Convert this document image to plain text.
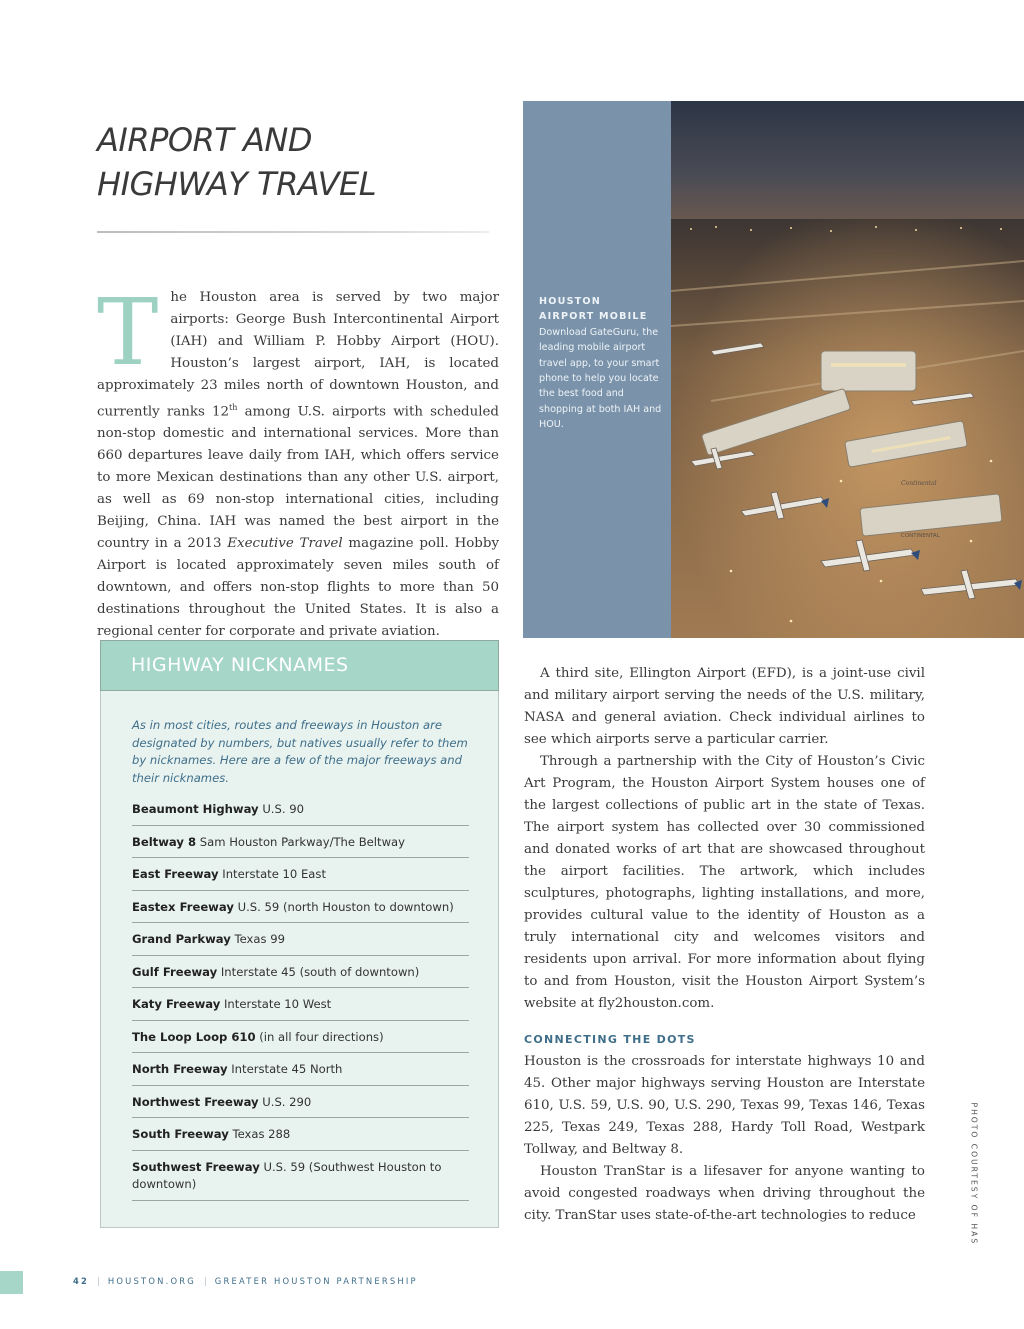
AIRPORT AND
HIGHWAY TRAVEL
The Houston area is served by two major airports: George Bush Intercontinental Airport (IAH) and William P. Hobby Airport (HOU). Houston’s largest airport, IAH, is located approximately 23 miles north of downtown Houston, and currently ranks 12th among U.S. airports with scheduled non-stop domestic and international services. More than 660 departures leave daily from IAH, which offers service to more Mexican destinations than any other U.S. airport, as well as 69 non-stop international cities, including Beijing, China. IAH was named the best airport in the country in a 2013 Executive Travel magazine poll. Hobby Airport is located approximately seven miles south of downtown, and offers non-stop flights to more than 50 destinations throughout the United States. It is also a regional center for corporate and private aviation.
Continental
CONTINENTAL
HOUSTON
AIRPORT MOBILE
Download GateGuru, the leading mobile airport travel app, to your smart phone to help you locate the best food and shopping at both IAH and HOU.
HIGHWAY NICKNAMES
As in most cities, routes and freeways in Houston are designated by numbers, but natives usually refer to them by nicknames. Here are a few of the major freeways and their nicknames.
Beaumont Highway U.S. 90
Beltway 8 Sam Houston Parkway/The Beltway
East Freeway Interstate 10 East
Eastex Freeway U.S. 59 (north Houston to downtown)
Grand Parkway Texas 99
Gulf Freeway Interstate 45 (south of downtown)
Katy Freeway Interstate 10 West
The Loop Loop 610 (in all four directions)
North Freeway Interstate 45 North
Northwest Freeway U.S. 290
South Freeway Texas 288
Southwest Freeway U.S. 59 (Southwest Houston to downtown)

A third site, Ellington Airport (EFD), is a joint-use civil and military airport serving the needs of the U.S. military, NASA and general aviation. Check individual airlines to see which airports serve a particular carrier.

Through a partnership with the City of Houston’s Civic Art Program, the Houston Airport System houses one of the largest collections of public art in the state of Texas. The airport system has collected over 30 commissioned and donated works of art that are showcased throughout the airport facilities. The artwork, which includes sculptures, photographs, lighting installations, and more, provides cultural value to the identity of Houston as a truly international city and welcomes visitors and residents upon arrival. For more information about flying to and from Houston, visit the Houston Airport System’s website at fly2houston.com.

CONNECTING THE DOTS

Houston is the crossroads for interstate highways 10 and 45. Other major highways serving Houston are Interstate 610, U.S. 59, U.S. 90, U.S. 290, Texas 99, Texas 146, Texas 225, Texas 249, Texas 288, Hardy Toll Road, Westpark Tollway, and Beltway 8.

Houston TranStar is a lifesaver for anyone wanting to avoid congested roadways when driving throughout the city. TranStar uses state-of-the-art technologies to reduce

42 | HOUSTON.ORG | GREATER HOUSTON PARTNERSHIP
PHOTO COURTESY OF HAS
